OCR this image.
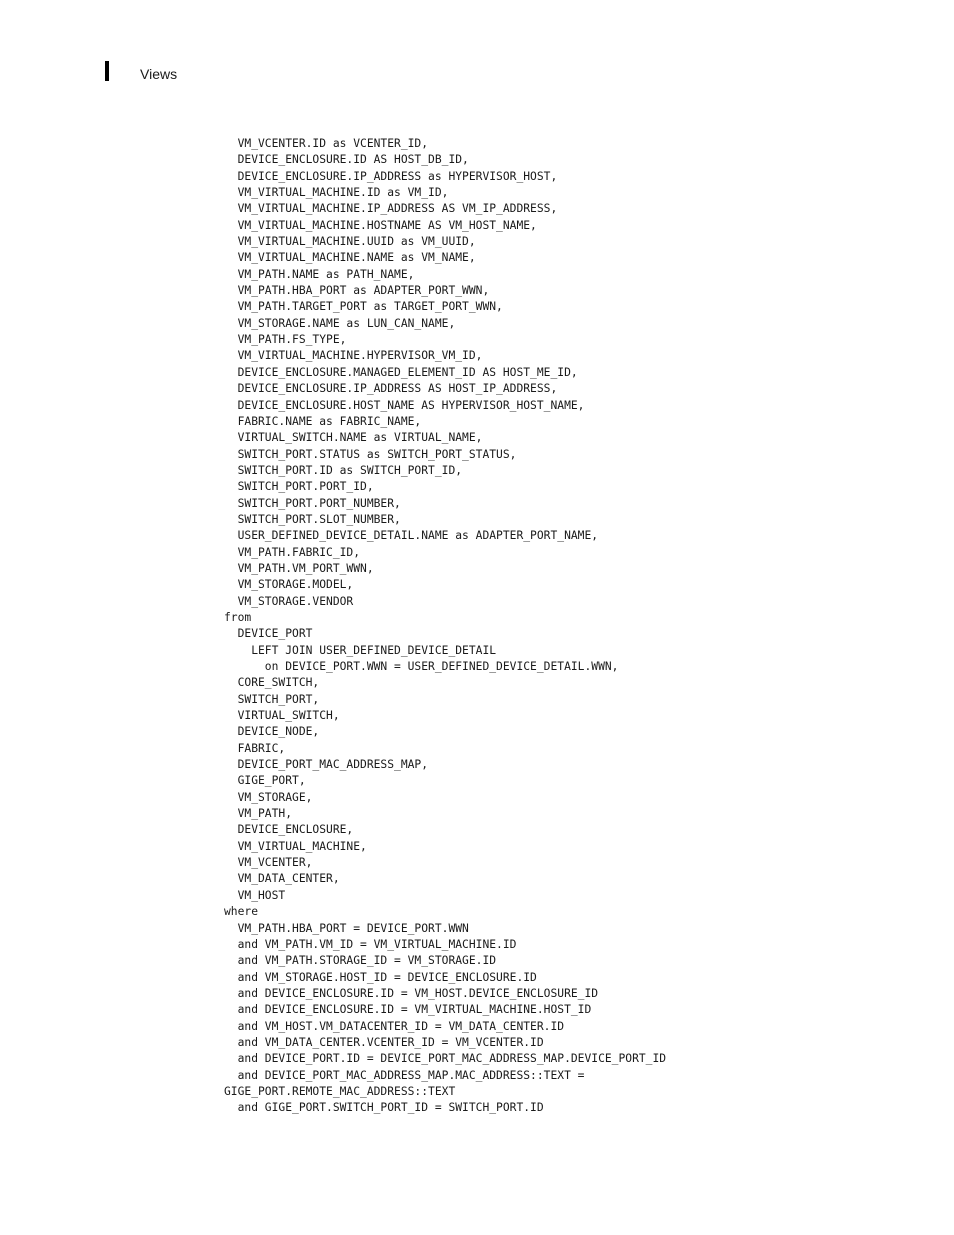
Views
VM_VCENTER.ID as VCENTER_ID,
DEVICE_ENCLOSURE.ID AS HOST_DB_ID,
DEVICE_ENCLOSURE.IP_ADDRESS as HYPERVISOR_HOST,
VM_VIRTUAL_MACHINE.ID as VM_ID,
VM_VIRTUAL_MACHINE.IP_ADDRESS AS VM_IP_ADDRESS,
VM_VIRTUAL_MACHINE.HOSTNAME AS VM_HOST_NAME,
VM_VIRTUAL_MACHINE.UUID as VM_UUID,
VM_VIRTUAL_MACHINE.NAME as VM_NAME,
VM_PATH.NAME as PATH_NAME,
VM_PATH.HBA_PORT as ADAPTER_PORT_WWN,
VM_PATH.TARGET_PORT as TARGET_PORT_WWN,
VM_STORAGE.NAME as LUN_CAN_NAME,
VM_PATH.FS_TYPE,
VM_VIRTUAL_MACHINE.HYPERVISOR_VM_ID,
DEVICE_ENCLOSURE.MANAGED_ELEMENT_ID AS HOST_ME_ID,
DEVICE_ENCLOSURE.IP_ADDRESS AS HOST_IP_ADDRESS,
DEVICE_ENCLOSURE.HOST_NAME AS HYPERVISOR_HOST_NAME,
FABRIC.NAME as FABRIC_NAME,
VIRTUAL_SWITCH.NAME as VIRTUAL_NAME,
SWITCH_PORT.STATUS as SWITCH_PORT_STATUS,
SWITCH_PORT.ID as SWITCH_PORT_ID,
SWITCH_PORT.PORT_ID,
SWITCH_PORT.PORT_NUMBER,
SWITCH_PORT.SLOT_NUMBER,
USER_DEFINED_DEVICE_DETAIL.NAME as ADAPTER_PORT_NAME,
VM_PATH.FABRIC_ID,
VM_PATH.VM_PORT_WWN,
VM_STORAGE.MODEL,
VM_STORAGE.VENDOR
from
DEVICE_PORT
LEFT JOIN USER_DEFINED_DEVICE_DETAIL
on DEVICE_PORT.WWN = USER_DEFINED_DEVICE_DETAIL.WWN,
CORE_SWITCH,
SWITCH_PORT,
VIRTUAL_SWITCH,
DEVICE_NODE,
FABRIC,
DEVICE_PORT_MAC_ADDRESS_MAP,
GIGE_PORT,
VM_STORAGE,
VM_PATH,
DEVICE_ENCLOSURE,
VM_VIRTUAL_MACHINE,
VM_VCENTER,
VM_DATA_CENTER,
VM_HOST
where
VM_PATH.HBA_PORT = DEVICE_PORT.WWN
and VM_PATH.VM_ID = VM_VIRTUAL_MACHINE.ID
and VM_PATH.STORAGE_ID = VM_STORAGE.ID
and VM_STORAGE.HOST_ID = DEVICE_ENCLOSURE.ID
and DEVICE_ENCLOSURE.ID = VM_HOST.DEVICE_ENCLOSURE_ID
and DEVICE_ENCLOSURE.ID = VM_VIRTUAL_MACHINE.HOST_ID
and VM_HOST.VM_DATACENTER_ID = VM_DATA_CENTER.ID
and VM_DATA_CENTER.VCENTER_ID = VM_VCENTER.ID
and DEVICE_PORT.ID = DEVICE_PORT_MAC_ADDRESS_MAP.DEVICE_PORT_ID
and DEVICE_PORT_MAC_ADDRESS_MAP.MAC_ADDRESS::TEXT =
GIGE_PORT.REMOTE_MAC_ADDRESS::TEXT
and GIGE_PORT.SWITCH_PORT_ID = SWITCH_PORT.ID
